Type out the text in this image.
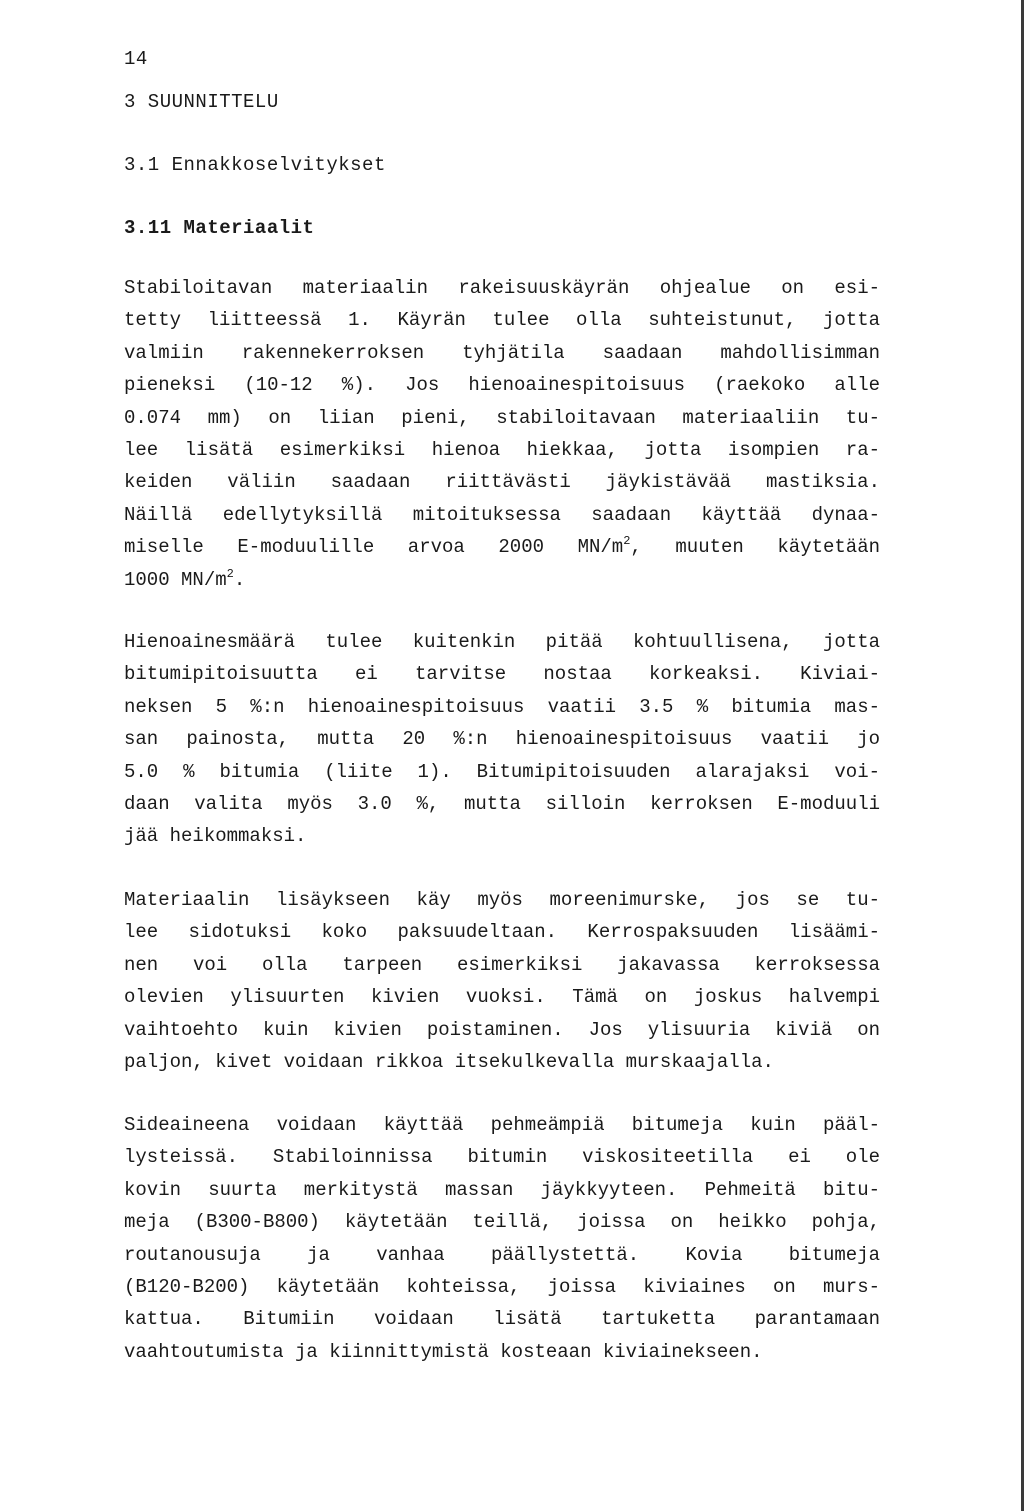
14
3 SUUNNITTELU
3.1 Ennakkoselvitykset
3.11 Materiaalit
Stabiloitavan materiaalin rakeisuuskäyrän ohjealue on esi-
tetty liitteessä 1. Käyrän tulee olla suhteistunut, jotta
valmiin rakennekerroksen tyhjätila saadaan mahdollisimman
pieneksi (10-12 %). Jos hienoainespitoisuus (raekoko alle
0.074 mm) on liian pieni, stabiloitavaan materiaaliin tu-
lee lisätä esimerkiksi hienoa hiekkaa, jotta isompien ra-
keiden väliin saadaan riittävästi jäykistävää mastiksia.
Näillä edellytyksillä mitoituksessa saadaan käyttää dynaa-
miselle E-moduulille arvoa 2000 $MN/m^2$, muuten käytetään
1000 $MN/m^2$.
Hienoainesmäärä tulee kuitenkin pitää kohtuullisena, jotta
bitumipitoisuutta ei tarvitse nostaa korkeaksi. Kiviai-
neksen 5 %:n hienoainespitoisuus vaatii 3.5 % bitumia mas-
san painosta, mutta 20 %:n hienoainespitoisuus vaatii jo
5.0 % bitumia (liite 1). Bitumipitoisuuden alarajaksi voi-
daan valita myös 3.0 %, mutta silloin kerroksen E-moduuli
jää heikommaksi.
Materiaalin lisäykseen käy myös moreenimurske, jos se tu-
lee sidotuksi koko paksuudeltaan. Kerrospaksuuden lisäämi-
nen voi olla tarpeen esimerkiksi jakavassa kerroksessa
olevien ylisuurten kivien vuoksi. Tämä on joskus halvempi
vaihtoehto kuin kivien poistaminen. Jos ylisuuria kiviä on
paljon, kivet voidaan rikkoa itsekulkevalla murskaajalla.
Sideaineena voidaan käyttää pehmeämpiä bitumeja kuin pääl-
lysteissä. Stabiloinnissa bitumin viskositeetilla ei ole
kovin suurta merkitystä massan jäykkyyteen. Pehmeitä bitu-
meja (B300-B800) käytetään teillä, joissa on heikko pohja,
routanousuja ja vanhaa päällystettä. Kovia bitumeja
(B120-B200) käytetään kohteissa, joissa kiviaines on murs-
kattua. Bitumiin voidaan lisätä tartuketta parantamaan
vaahtoutumista ja kiinnittymistä kosteaan kiviainekseen.
